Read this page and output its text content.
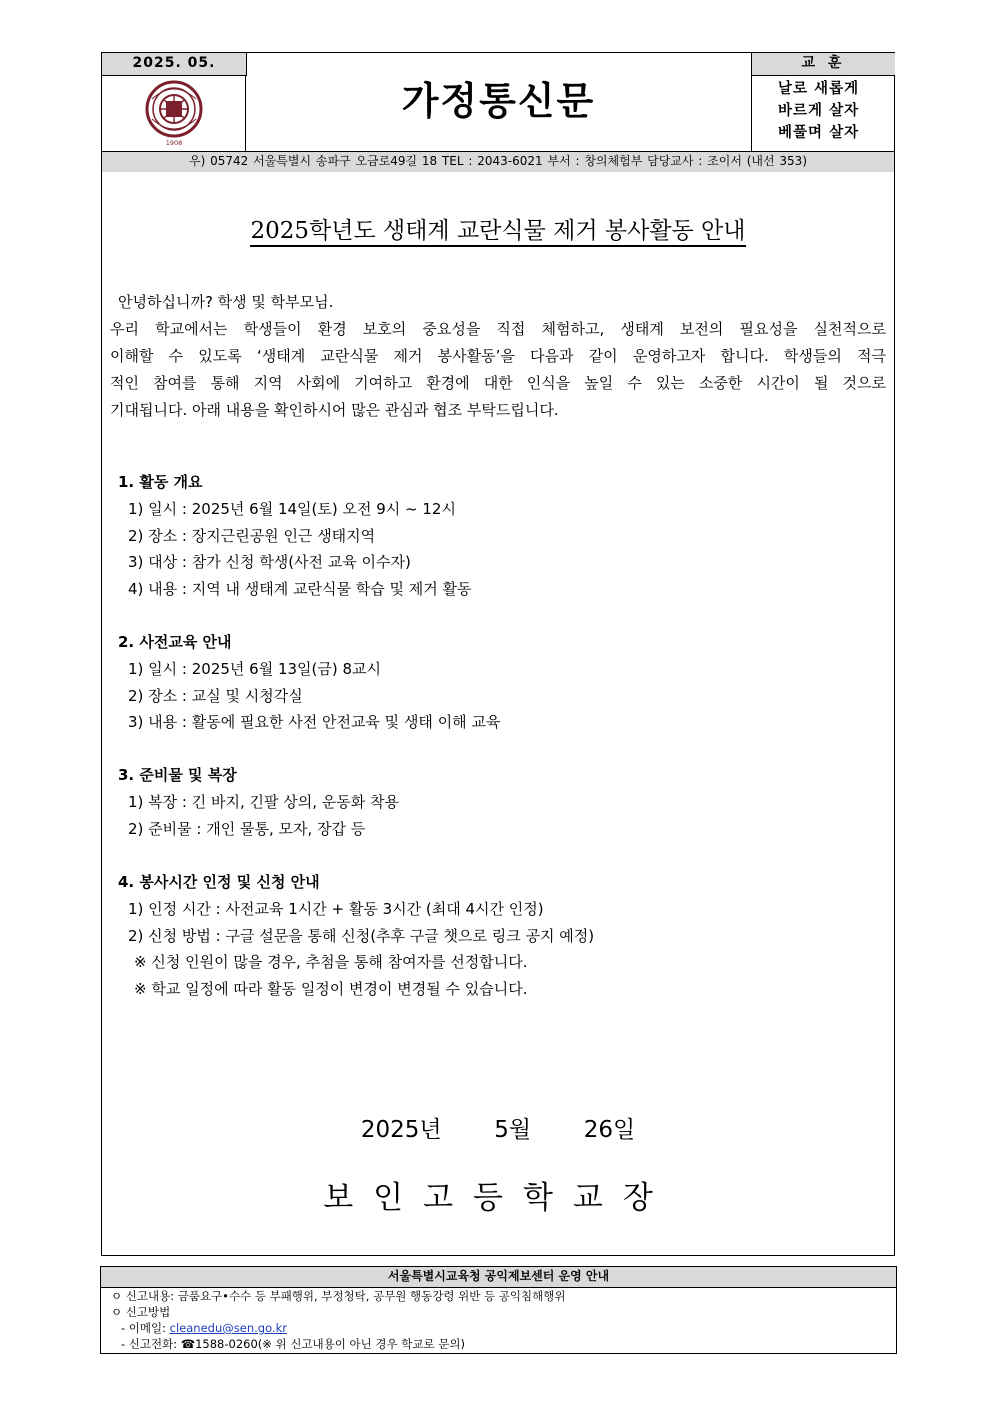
2025. 05.
1908
가정통신문
교 훈
날로 새롭게
바르게 살자
베풀며 살자
우) 05742 서울특별시 송파구 오금로49길 18 TEL : 2043-6021 부서 : 창의체험부 담당교사 : 조이서 (내선 353)
2025학년도 생태계 교란식물 제거 봉사활동 안내

안녕하십니까? 학생 및 학부모님.

우리 학교에서는 학생들이 환경 보호의 중요성을 직접 체험하고, 생태계 보전의 필요성을 실천적으로

이해할 수 있도록 ‘생태계 교란식물 제거 봉사활동’을 다음과 같이 운영하고자 합니다. 학생들의 적극

적인 참여를 통해 지역 사회에 기여하고 환경에 대한 인식을 높일 수 있는 소중한 시간이 될 것으로

기대됩니다. 아래 내용을 확인하시어 많은 관심과 협조 부탁드립니다.

1. 활동 개요
1) 일시 : 2025년 6월 14일(토) 오전 9시 ~ 12시
2) 장소 : 장지근린공원 인근 생태지역
3) 대상 : 참가 신청 학생(사전 교육 이수자)
4) 내용 : 지역 내 생태계 교란식물 학습 및 제거 활동
2. 사전교육 안내
1) 일시 : 2025년 6월 13일(금) 8교시
2) 장소 : 교실 및 시청각실
3) 내용 : 활동에 필요한 사전 안전교육 및 생태 이해 교육
3. 준비물 및 복장
1) 복장 : 긴 바지, 긴팔 상의, 운동화 착용
2) 준비물 : 개인 물통, 모자, 장갑 등
4. 봉사시간 인정 및 신청 안내
1) 인정 시간 : 사전교육 1시간 + 활동 3시간 (최대 4시간 인정)
2) 신청 방법 : 구글 설문을 통해 신청(추후 구글 챗으로 링크 공지 예정)
※ 신청 인원이 많을 경우, 추첨을 통해 참여자를 선정합니다.
※ 학교 일정에 따라 활동 일정이 변경이 변경될 수 있습니다.
2025년 5월 26일
보인고등학교장
서울특별시교육청 공익제보센터 운영 안내
ㅇ 신고내용: 금품요구•수수 등 부패행위, 부정청탁, 공무원 행동강령 위반 등 공익침해행위
ㅇ 신고방법
- 이메일: cleanedu@sen.go.kr
- 신고전화: ☎1588-0260(※ 위 신고내용이 아닌 경우 학교로 문의)
